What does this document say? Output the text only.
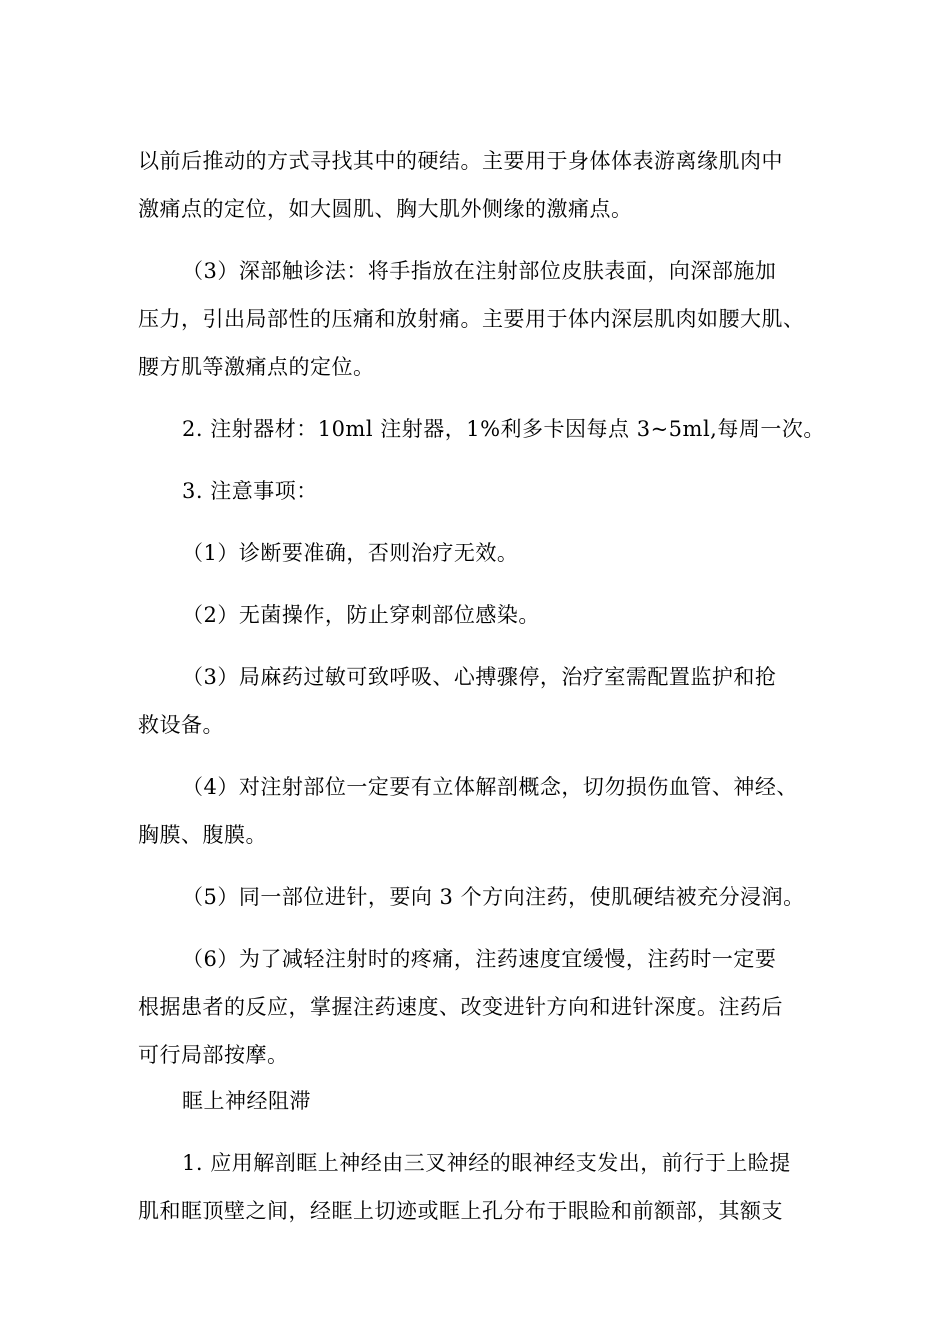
以前后推动的方式寻找其中的硬结。主要用于身体体表游离缘肌肉中

激痛点的定位，如大圆肌、胸大肌外侧缘的激痛点。

（3）深部触诊法：将手指放在注射部位皮肤表面，向深部施加

压力，引出局部性的压痛和放射痛。主要用于体内深层肌肉如腰大肌、

腰方肌等激痛点的定位。

2. 注射器材：10ml 注射器，1%利多卡因每点 3~5ml,每周一次。

3. 注意事项：

（1）诊断要准确，否则治疗无效。

（2）无菌操作，防止穿刺部位感染。

（3）局麻药过敏可致呼吸、心搏骤停，治疗室需配置监护和抢

救设备。

（4）对注射部位一定要有立体解剖概念，切勿损伤血管、神经、

胸膜、腹膜。

（5）同一部位进针，要向 3 个方向注药，使肌硬结被充分浸润。

（6）为了减轻注射时的疼痛，注药速度宜缓慢，注药时一定要

根据患者的反应，掌握注药速度、改变进针方向和进针深度。注药后

可行局部按摩。

眶上神经阻滞

1. 应用解剖眶上神经由三叉神经的眼神经支发出，前行于上睑提

肌和眶顶壁之间，经眶上切迹或眶上孔分布于眼睑和前额部，其额支
